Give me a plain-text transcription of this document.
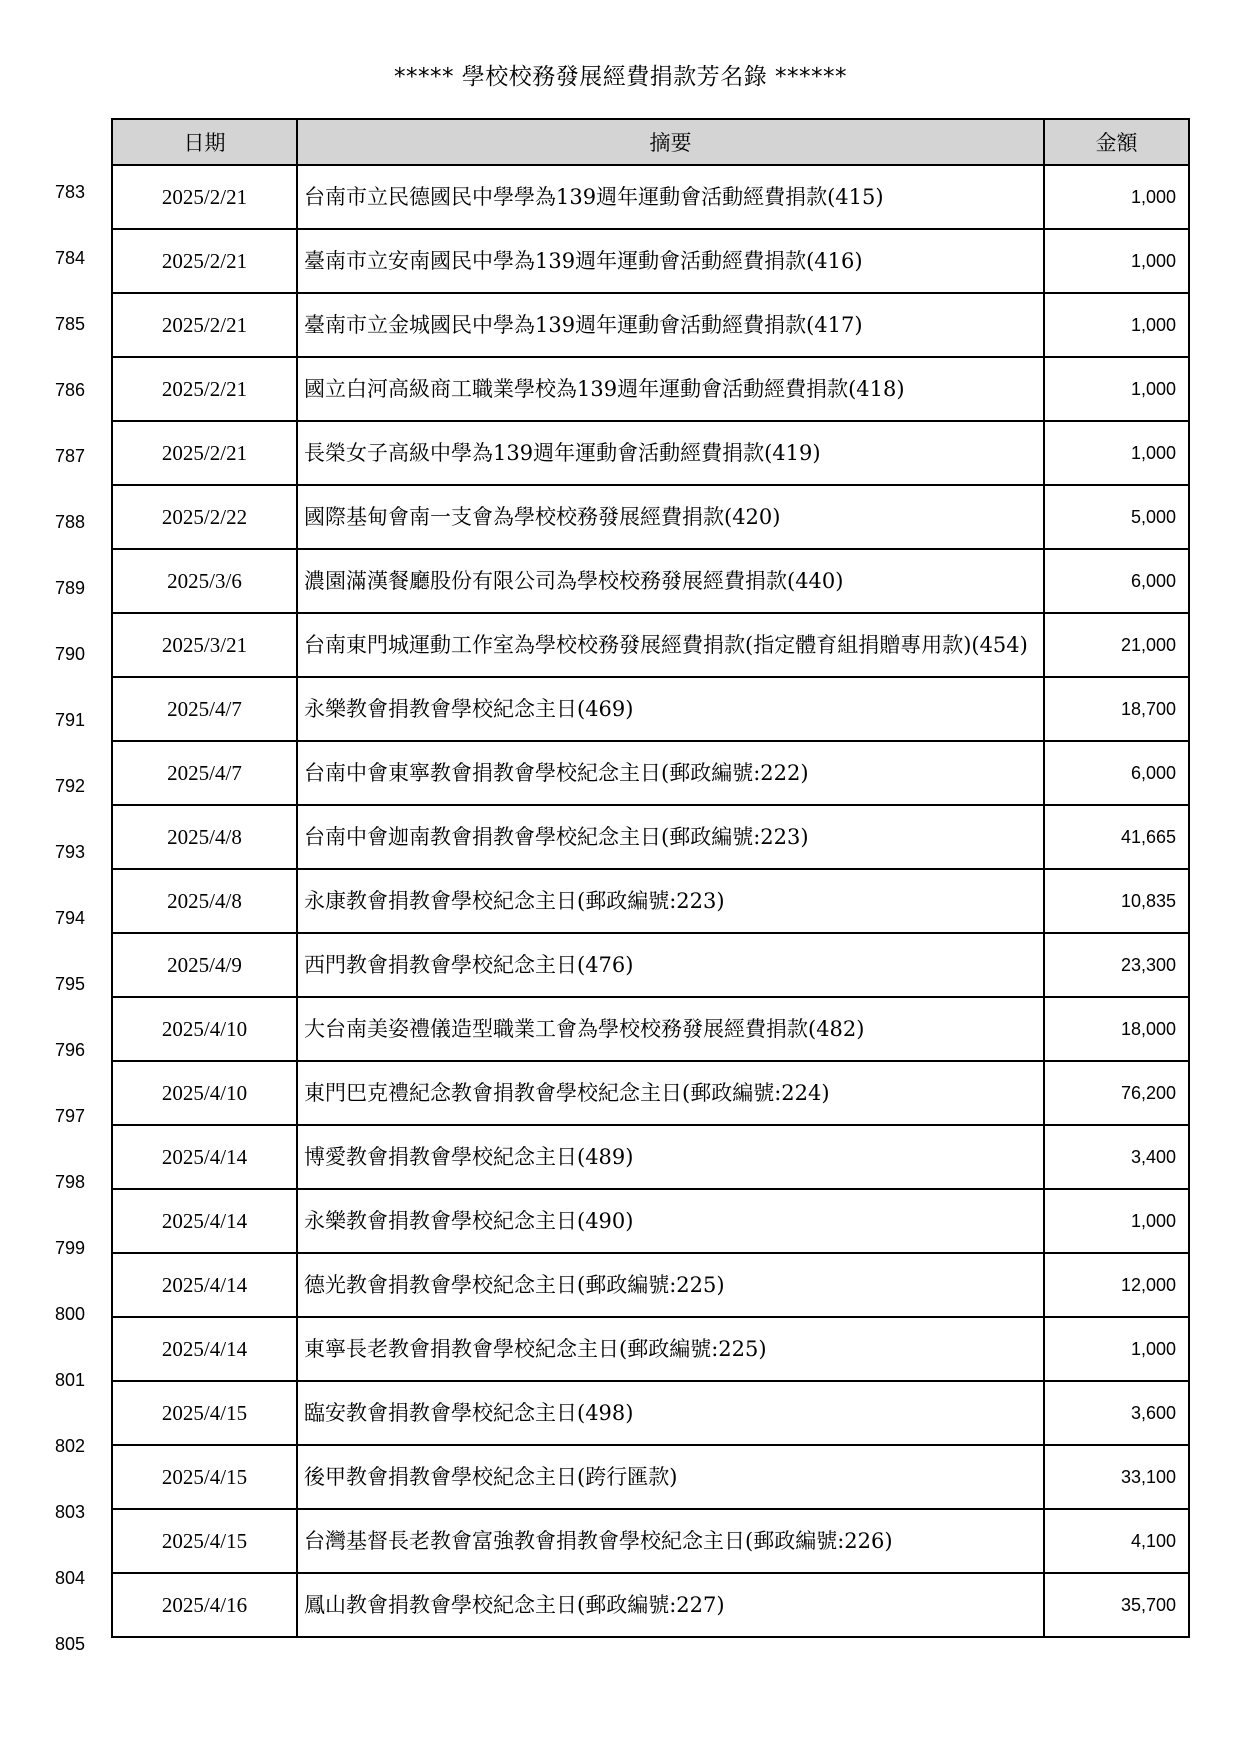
***** 學校校務發展經費捐款芳名錄 ******
783
784
785
786
787
788
789
790
791
792
793
794
795
796
797
798
799
800
801
802
803
804
805
日期	摘要	金額
2025/2/21	台南市立民德國民中學學為139週年運動會活動經費捐款(415)	1,000
2025/2/21	臺南市立安南國民中學為139週年運動會活動經費捐款(416)	1,000
2025/2/21	臺南市立金城國民中學為139週年運動會活動經費捐款(417)	1,000
2025/2/21	國立白河高級商工職業學校為139週年運動會活動經費捐款(418)	1,000
2025/2/21	長榮女子高級中學為139週年運動會活動經費捐款(419)	1,000
2025/2/22	國際基甸會南一支會為學校校務發展經費捐款(420)	5,000
2025/3/6	濃園滿漢餐廳股份有限公司為學校校務發展經費捐款(440)	6,000
2025/3/21	台南東門城運動工作室為學校校務發展經費捐款(指定體育組捐贈專用款)(454)	21,000
2025/4/7	永樂教會捐教會學校紀念主日(469)	18,700
2025/4/7	台南中會東寧教會捐教會學校紀念主日(郵政編號:222)	6,000
2025/4/8	台南中會迦南教會捐教會學校紀念主日(郵政編號:223)	41,665
2025/4/8	永康教會捐教會學校紀念主日(郵政編號:223)	10,835
2025/4/9	西門教會捐教會學校紀念主日(476)	23,300
2025/4/10	大台南美姿禮儀造型職業工會為學校校務發展經費捐款(482)	18,000
2025/4/10	東門巴克禮紀念教會捐教會學校紀念主日(郵政編號:224)	76,200
2025/4/14	博愛教會捐教會學校紀念主日(489)	3,400
2025/4/14	永樂教會捐教會學校紀念主日(490)	1,000
2025/4/14	德光教會捐教會學校紀念主日(郵政編號:225)	12,000
2025/4/14	東寧長老教會捐教會學校紀念主日(郵政編號:225)	1,000
2025/4/15	臨安教會捐教會學校紀念主日(498)	3,600
2025/4/15	後甲教會捐教會學校紀念主日(跨行匯款)	33,100
2025/4/15	台灣基督長老教會富強教會捐教會學校紀念主日(郵政編號:226)	4,100
2025/4/16	鳳山教會捐教會學校紀念主日(郵政編號:227)	35,700
